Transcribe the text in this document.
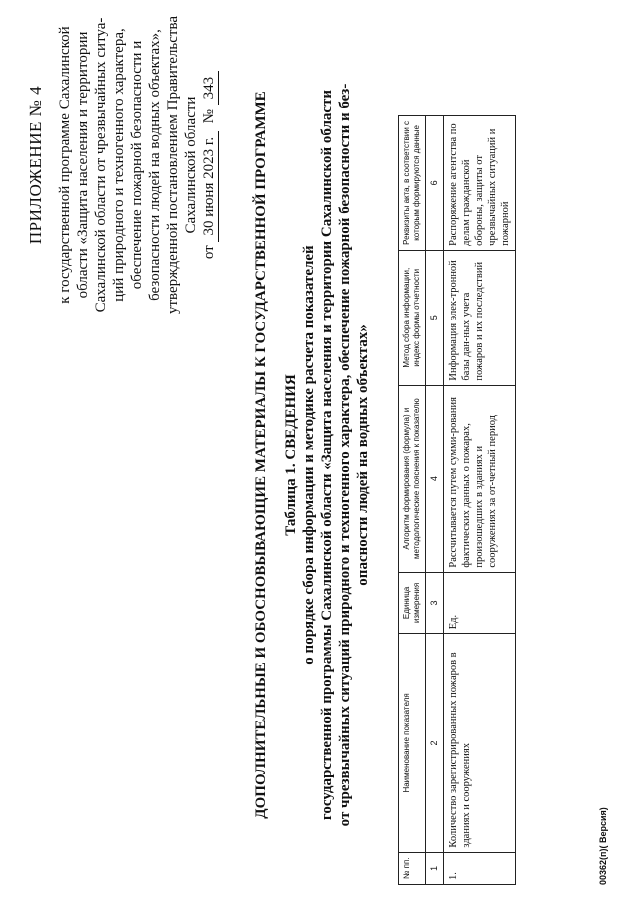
ПРИЛОЖЕНИЕ № 4 к государственной программе Сахалинской области «Защита населения и территории Сахалинской области от чрезвычайных ситуа- ций природного и техногенного характера, обеспечение пожарной безопасности и безопасности людей на водных объектах», утвержденной постановлением Правительства Сахалинской области
от 30 июня 2023 г.  № 343
ДОПОЛНИТЕЛЬНЫЕ И ОБОСНОВЫВАЮЩИЕ МАТЕРИАЛЫ К ГОСУДАРСТВЕННОЙ ПРОГРАММЕ Таблица 1. СВЕДЕНИЯ о порядке сбора информации и методике расчета показателей государственной программы Сахалинской области «Защита населения и территории Сахалинской области от чрезвычайных ситуаций природного и техногенного характера, обеспечение пожарной безопасности и без- опасности людей на водных объектах»
№ пп.	Наименование показателя	Единица измерения	Алгоритм формирования (формула) и методологические пояснения к показателю	Метод сбора информации, индекс формы отчетности	Реквизиты акта, в соответствии с которым формируются данные
1	2	3	4	5	6
1.	Количество зарегистрированных пожаров в зданиях и сооружениях	Ед.	Рассчитывается путем сумми-рования фактических данных о пожарах, произошедших в зданиях и сооружениях за от-четный период	Информация элек-тронной базы дан-ных учета пожаров и их последствий	Распоряжение агентства по делам гражданской обороны, защиты от чрезвычайных ситуаций и пожарной
00362(п)( Версия)
